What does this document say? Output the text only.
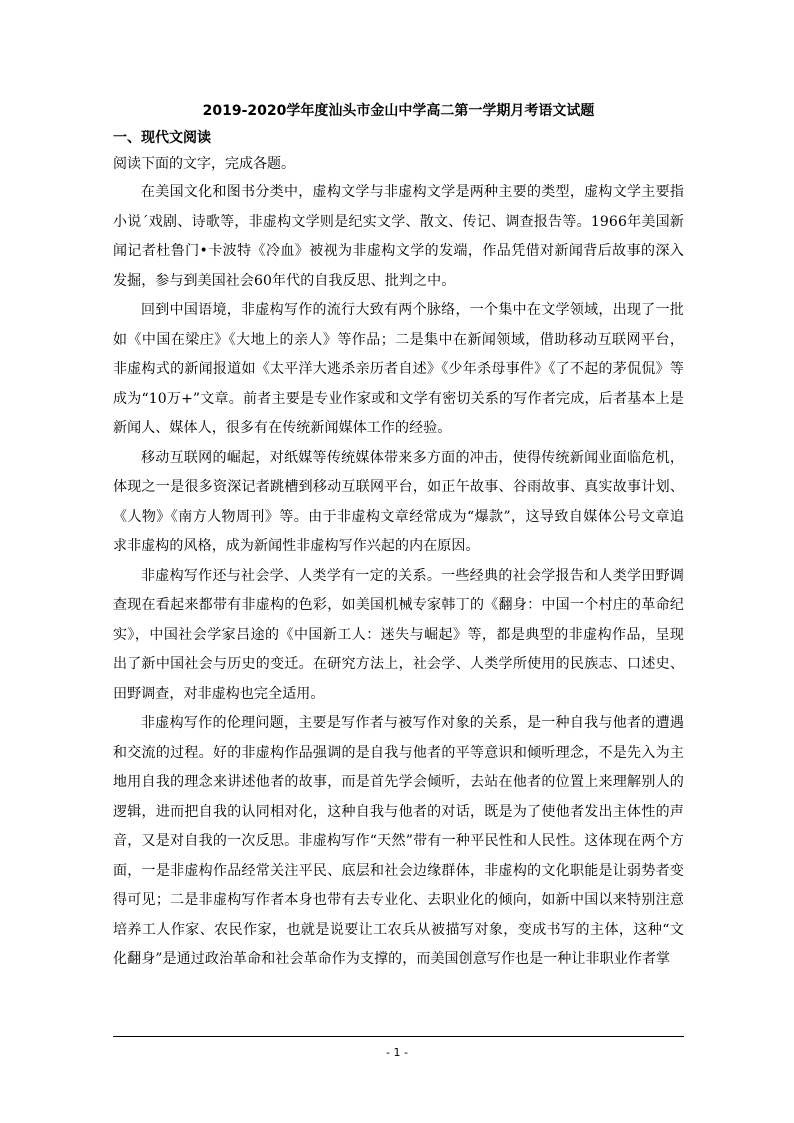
2019-2020学年度汕头市金山中学高二第一学期月考语文试题
一、现代文阅读

阅读下面的文字，完成各题。

在美国文化和图书分类中，虚构文学与非虚构文学是两种主要的类型，虚构文学主要指小说ˊ戏剧、诗歌等，非虚构文学则是纪实文学、散文、传记、调查报告等。1966年美国新闻记者杜鲁门•卡波特《冷血》被视为非虚构文学的发端，作品凭借对新闻背后故事的深入发掘，参与到美国社会60年代的自我反思、批判之中。

回到中国语境，非虚构写作的流行大致有两个脉络，一个集中在文学领域，出现了一批如《中国在梁庄》《大地上的亲人》等作品；二是集中在新闻领域，借助移动互联网平台，非虚构式的新闻报道如《太平洋大逃杀亲历者自述》《少年杀母事件》《了不起的茅侃侃》等成为“10万+”文章。前者主要是专业作家或和文学有密切关系的写作者完成，后者基本上是新闻人、媒体人，很多有在传统新闻媒体工作的经验。

移动互联网的崛起，对纸媒等传统媒体带来多方面的冲击，使得传统新闻业面临危机，体现之一是很多资深记者跳槽到移动互联网平台，如正午故事、谷雨故事、真实故事计划、《人物》《南方人物周刊》等。由于非虚构文章经常成为“爆款”，这导致自媒体公号文章追求非虚构的风格，成为新闻性非虚构写作兴起的内在原因。

非虚构写作还与社会学、人类学有一定的关系。一些经典的社会学报告和人类学田野调查现在看起来都带有非虚构的色彩，如美国机械专家韩丁的《翻身：中国一个村庄的革命纪实》，中国社会学家吕途的《中国新工人：迷失与崛起》等，都是典型的非虚构作品，呈现出了新中国社会与历史的变迁。在研究方法上，社会学、人类学所使用的民族志、口述史、田野调查，对非虚构也完全适用。

非虚构写作的伦理问题，主要是写作者与被写作对象的关系，是一种自我与他者的遭遇和交流的过程。好的非虚构作品强调的是自我与他者的平等意识和倾听理念，不是先入为主地用自我的理念来讲述他者的故事，而是首先学会倾听，去站在他者的位置上来理解别人的逻辑，进而把自我的认同相对化，这种自我与他者的对话，既是为了使他者发出主体性的声音，又是对自我的一次反思。非虚构写作“天然”带有一种平民性和人民性。这体现在两个方面，一是非虚构作品经常关注平民、底层和社会边缘群体，非虚构的文化职能是让弱势者变得可见；二是非虚构写作者本身也带有去专业化、去职业化的倾向，如新中国以来特别注意培养工人作家、农民作家，也就是说要让工农兵从被描写对象，变成书写的主体，这种“文化翻身”是通过政治革命和社会革命作为支撑的，而美国创意写作也是一种让非职业作者掌

- 1 -
